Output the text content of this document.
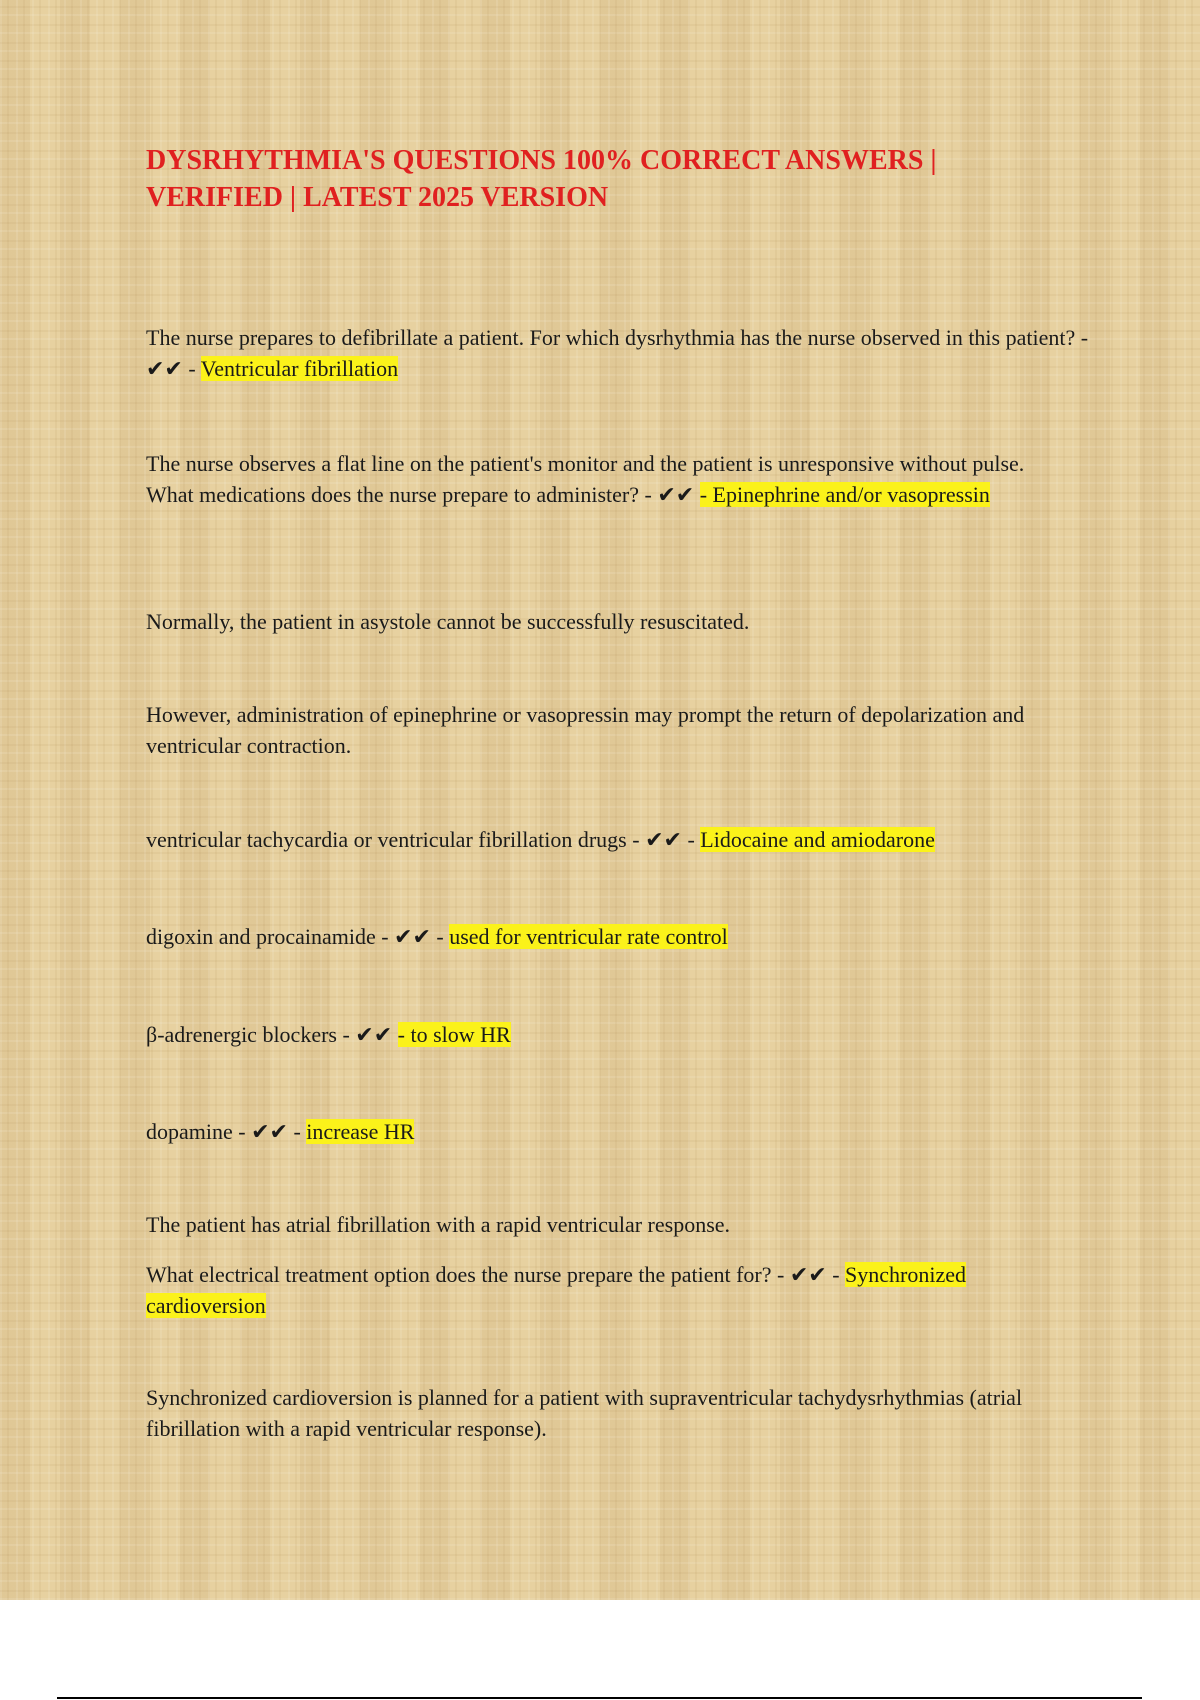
DYSRHYTHMIA'S QUESTIONS 100% CORRECT ANSWERS | VERIFIED | LATEST 2025 VERSION

The nurse prepares to defibrillate a patient. For which dysrhythmia has the nurse observed in this patient? - ✔✔ - Ventricular fibrillation

The nurse observes a flat line on the patient's monitor and the patient is unresponsive without pulse. What medications does the nurse prepare to administer? - ✔✔ - Epinephrine and/or vasopressin

Normally, the patient in asystole cannot be successfully resuscitated.

However, administration of epinephrine or vasopressin may prompt the return of depolarization and ventricular contraction.

ventricular tachycardia or ventricular fibrillation drugs - ✔✔ - Lidocaine and amiodarone

digoxin and procainamide - ✔✔ - used for ventricular rate control

β-adrenergic blockers - ✔✔ - to slow HR

dopamine - ✔✔ - increase HR

The patient has atrial fibrillation with a rapid ventricular response.

What electrical treatment option does the nurse prepare the patient for? - ✔✔ - Synchronized cardioversion

Synchronized cardioversion is planned for a patient with supraventricular tachydysrhythmias (atrial fibrillation with a rapid ventricular response).
